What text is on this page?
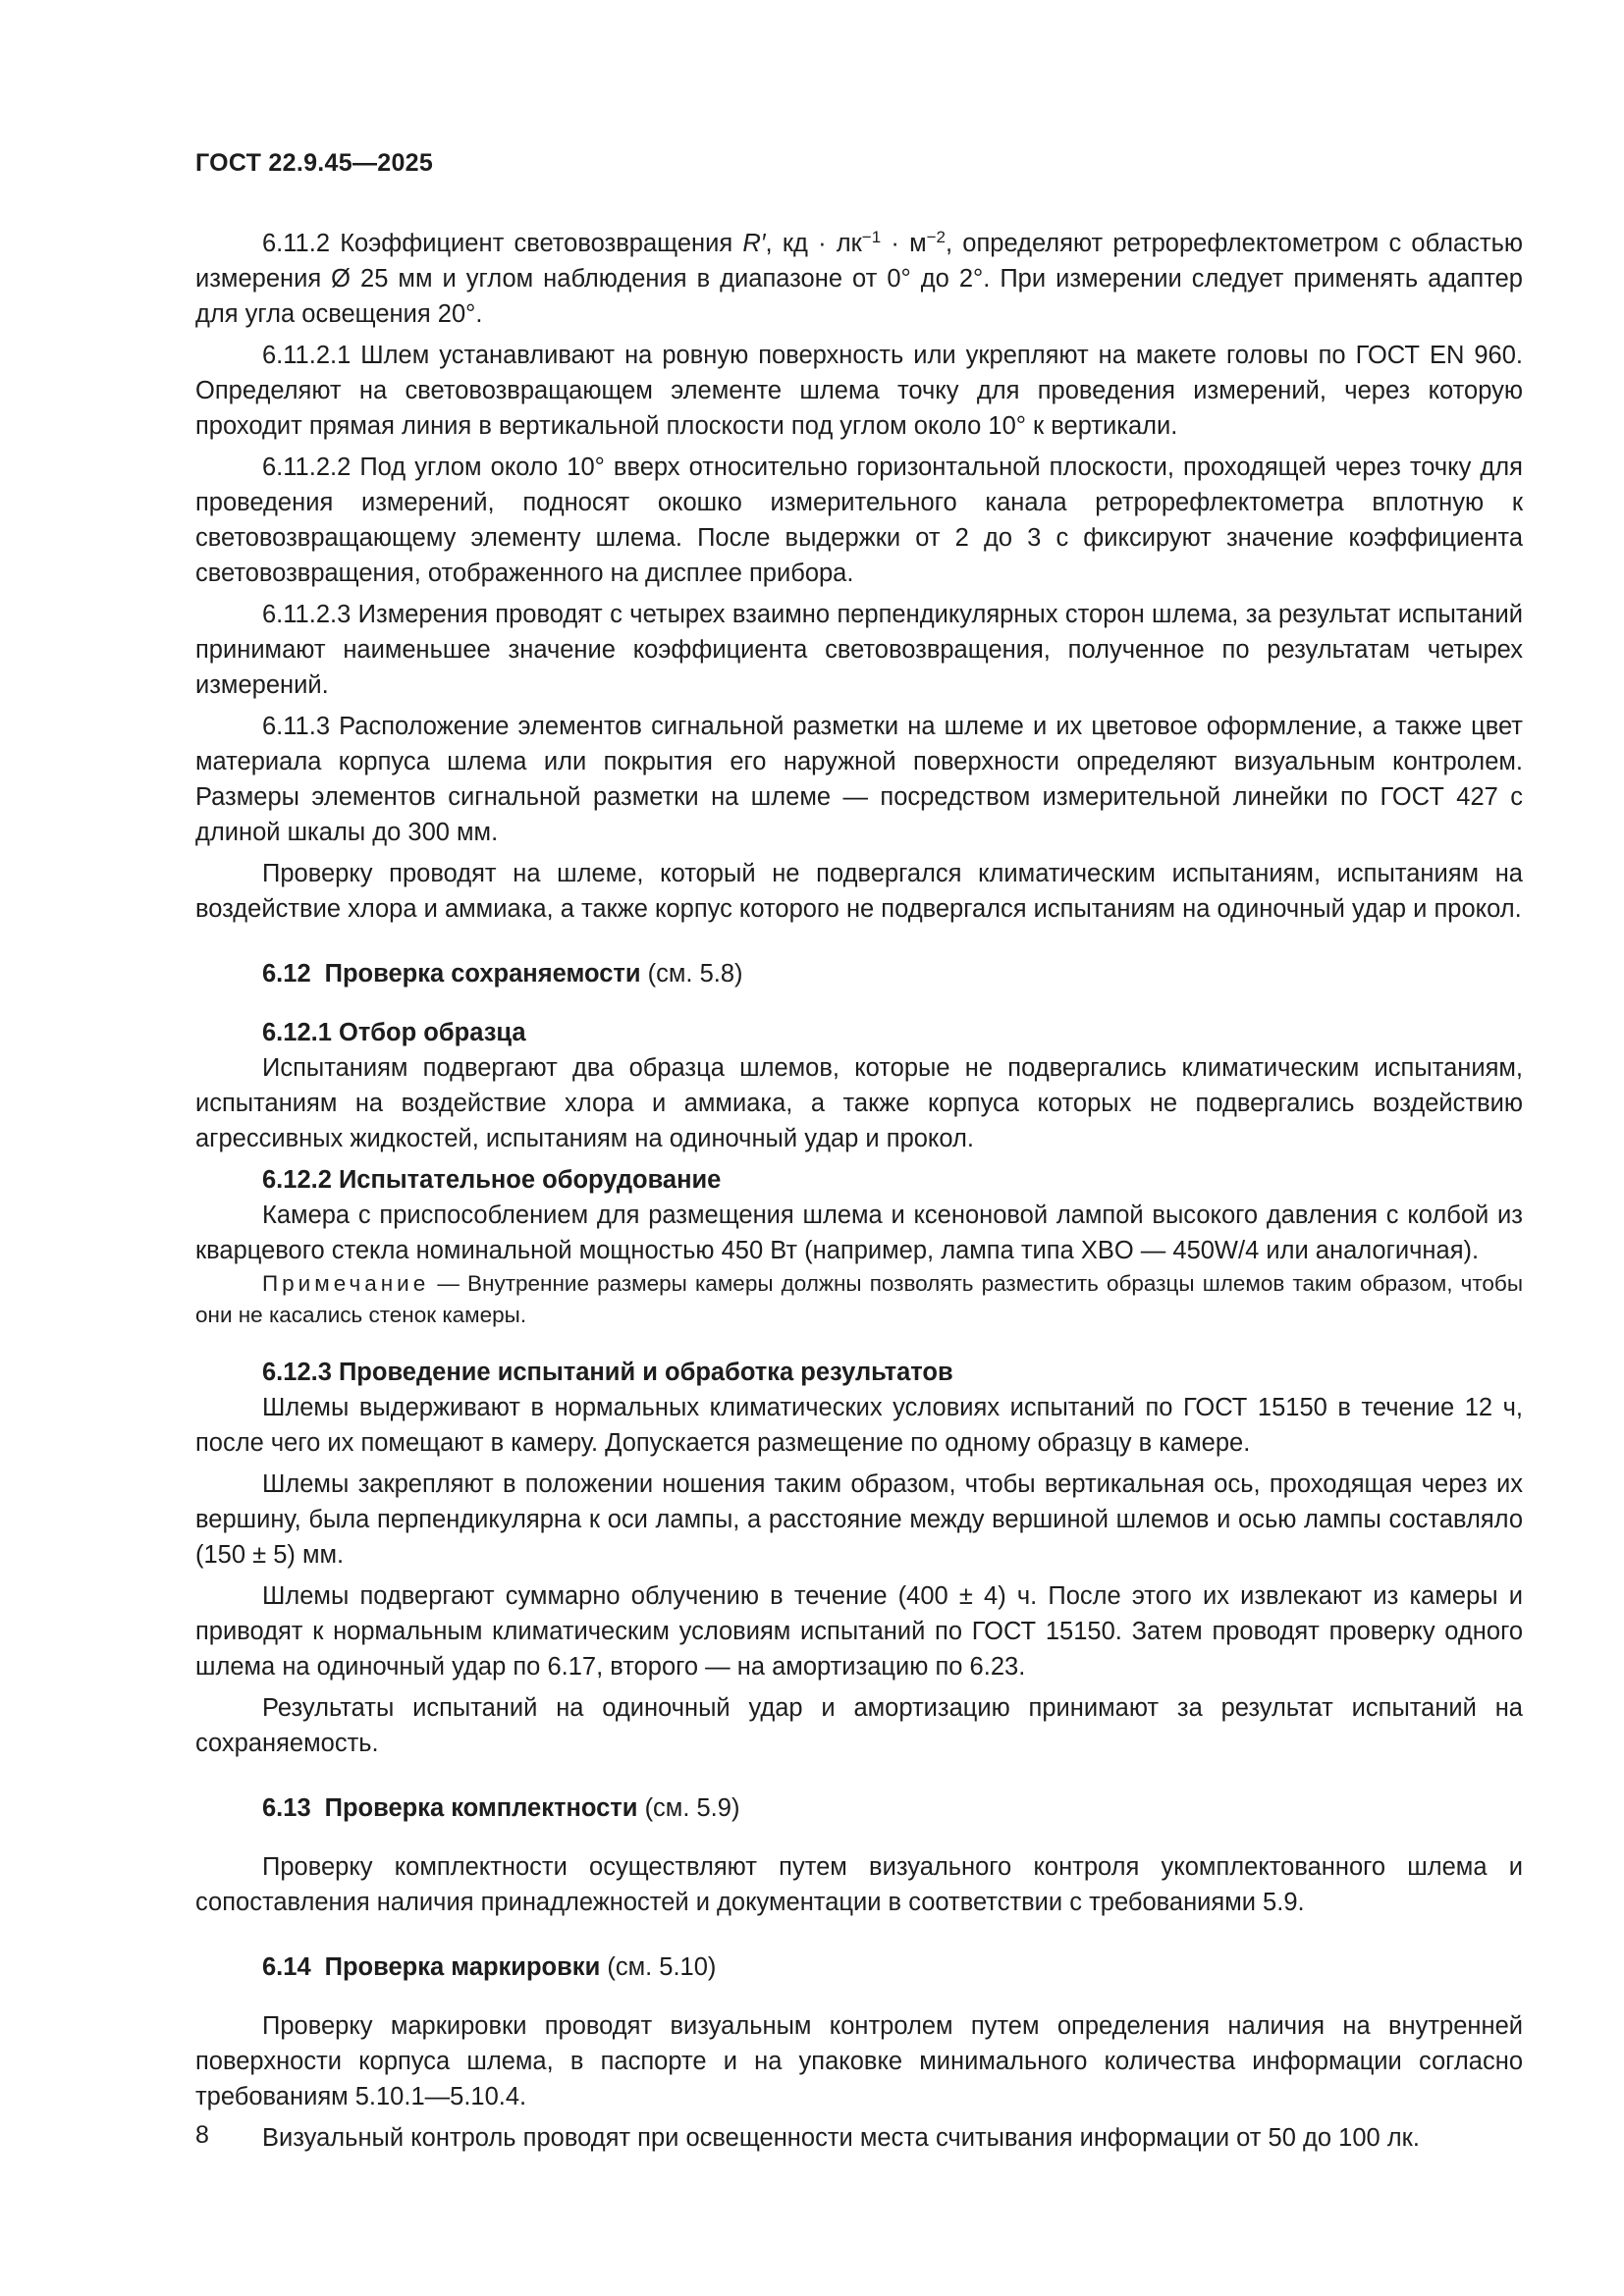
ГОСТ 22.9.45—2025

6.11.2 Коэффициент световозвращения R′, кд · $лк^{-1} \cdot м^{-2}$, определяют ретрорефлектометром с областью измерения Ø 25 мм и углом наблюдения в диапазоне от 0° до 2°. При измерении следует применять адаптер для угла освещения 20°.

6.11.2.1 Шлем устанавливают на ровную поверхность или укрепляют на макете головы по ГОСТ EN 960. Определяют на световозвращающем элементе шлема точку для проведения измерений, через которую проходит прямая линия в вертикальной плоскости под углом около 10° к вертикали.

6.11.2.2 Под углом около 10° вверх относительно горизонтальной плоскости, проходящей через точку для проведения измерений, подносят окошко измерительного канала ретрорефлектометра вплотную к световозвращающему элементу шлема. После выдержки от 2 до 3 с фиксируют значение коэффициента световозвращения, отображенного на дисплее прибора.

6.11.2.3 Измерения проводят с четырех взаимно перпендикулярных сторон шлема, за результат испытаний принимают наименьшее значение коэффициента световозвращения, полученное по результатам четырех измерений.

6.11.3 Расположение элементов сигнальной разметки на шлеме и их цветовое оформление, а также цвет материала корпуса шлема или покрытия его наружной поверхности определяют визуальным контролем. Размеры элементов сигнальной разметки на шлеме — посредством измерительной линейки по ГОСТ 427 с длиной шкалы до 300 мм.

Проверку проводят на шлеме, который не подвергался климатическим испытаниям, испытаниям на воздействие хлора и аммиака, а также корпус которого не подвергался испытаниям на одиночный удар и прокол.

6.12 Проверка сохраняемости (см. 5.8)
6.12.1 Отбор образца

Испытаниям подвергают два образца шлемов, которые не подвергались климатическим испытаниям, испытаниям на воздействие хлора и аммиака, а также корпуса которых не подвергались воздействию агрессивных жидкостей, испытаниям на одиночный удар и прокол.

6.12.2 Испытательное оборудование

Камера с приспособлением для размещения шлема и ксеноновой лампой высокого давления с колбой из кварцевого стекла номинальной мощностью 450 Вт (например, лампа типа XBO — 450W/4 или аналогичная).

Примечание — Внутренние размеры камеры должны позволять разместить образцы шлемов таким образом, чтобы они не касались стенок камеры.

6.12.3 Проведение испытаний и обработка результатов

Шлемы выдерживают в нормальных климатических условиях испытаний по ГОСТ 15150 в течение 12 ч, после чего их помещают в камеру. Допускается размещение по одному образцу в камере.

Шлемы закрепляют в положении ношения таким образом, чтобы вертикальная ось, проходящая через их вершину, была перпендикулярна к оси лампы, а расстояние между вершиной шлемов и осью лампы составляло (150 ± 5) мм.

Шлемы подвергают суммарно облучению в течение (400 ± 4) ч. После этого их извлекают из камеры и приводят к нормальным климатическим условиям испытаний по ГОСТ 15150. Затем проводят проверку одного шлема на одиночный удар по 6.17, второго — на амортизацию по 6.23.

Результаты испытаний на одиночный удар и амортизацию принимают за результат испытаний на сохраняемость.

6.13 Проверка комплектности (см. 5.9)

Проверку комплектности осуществляют путем визуального контроля укомплектованного шлема и сопоставления наличия принадлежностей и документации в соответствии с требованиями 5.9.

6.14 Проверка маркировки (см. 5.10)

Проверку маркировки проводят визуальным контролем путем определения наличия на внутренней поверхности корпуса шлема, в паспорте и на упаковке минимального количества информации согласно требованиям 5.10.1—5.10.4.

Визуальный контроль проводят при освещенности места считывания информации от 50 до 100 лк.

8
